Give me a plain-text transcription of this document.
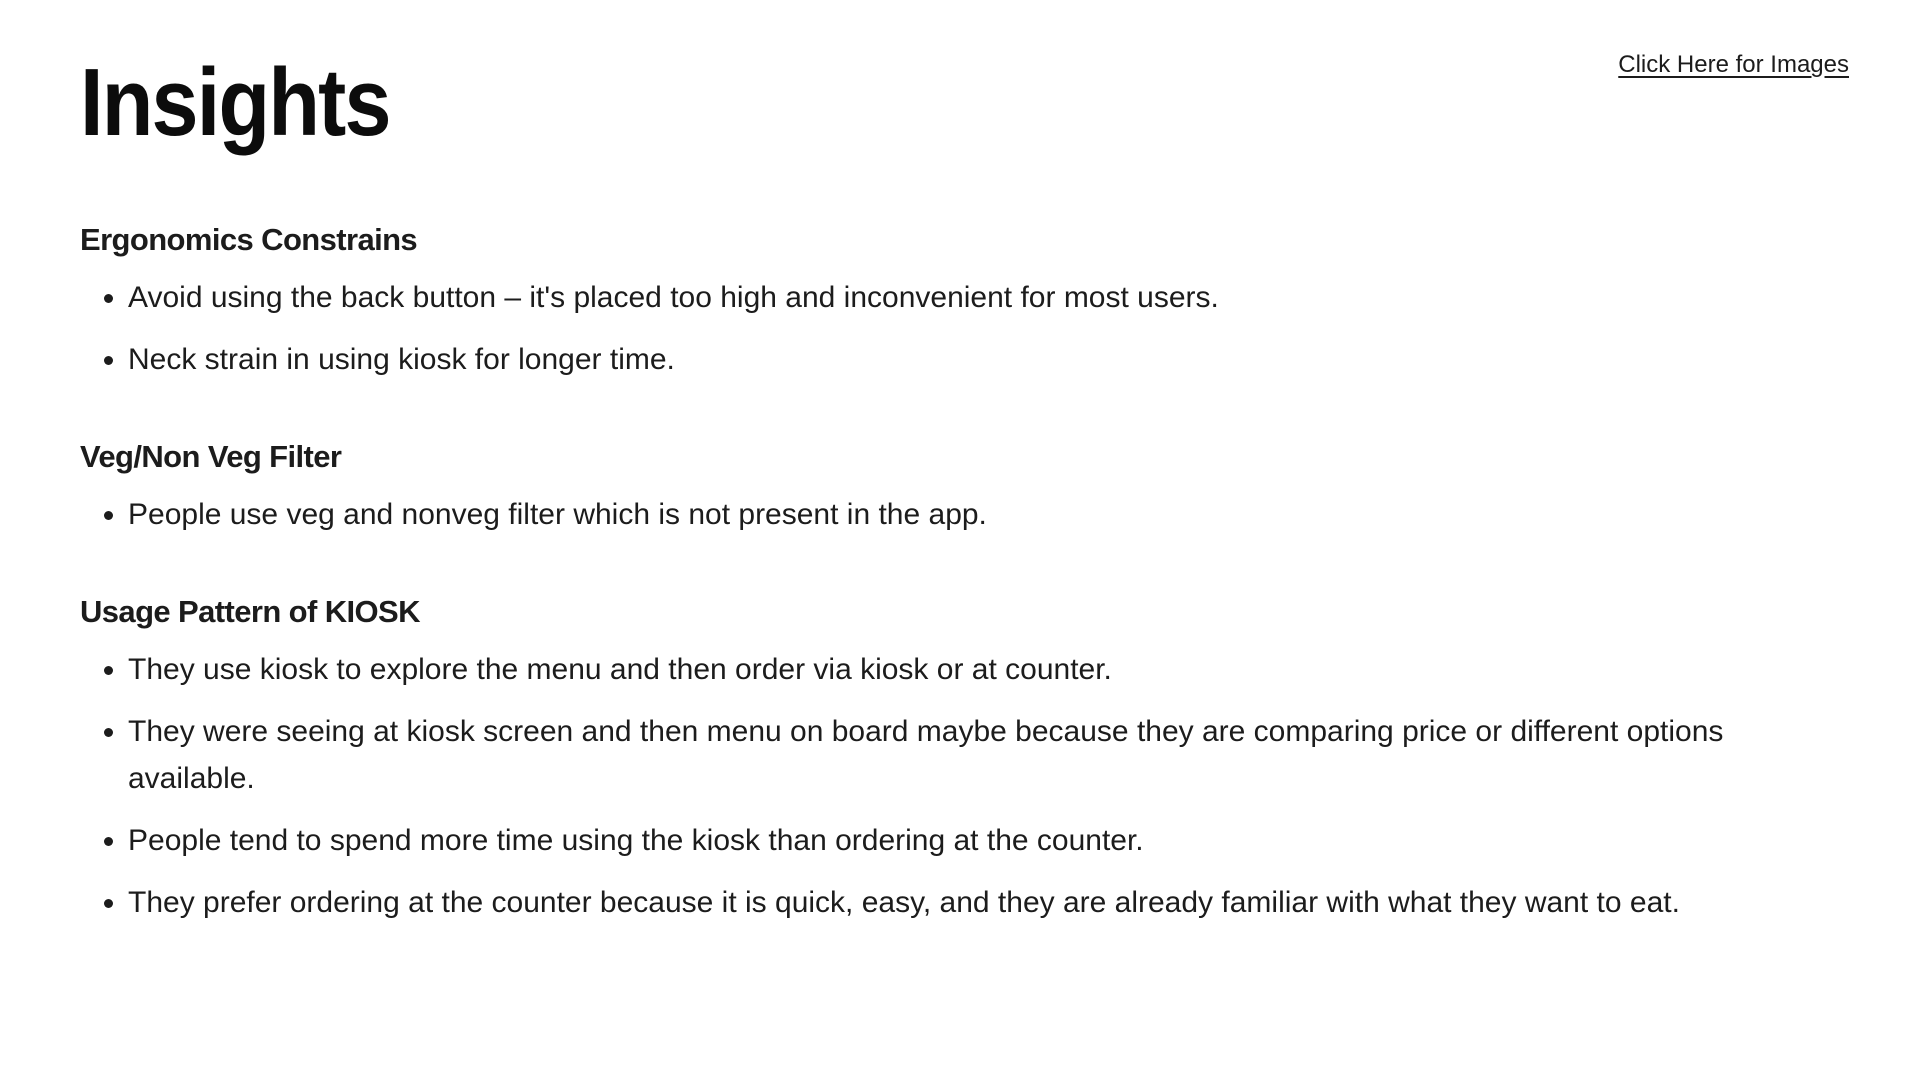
Insights	Click Here for Images
Ergonomics Constrains
• Avoid using the back button – it's placed too high and inconvenient for most users.
• Neck strain in using kiosk for longer time.
Veg/Non Veg Filter
• People use veg and nonveg filter which is not present in the app.
Usage Pattern of KIOSK
• They use kiosk to explore the menu and then order via kiosk or at counter.
• They were seeing at kiosk screen and then menu on board maybe because they are comparing price or different options available.
• People tend to spend more time using the kiosk than ordering at the counter.
• They prefer ordering at the counter because it is quick, easy, and they are already familiar with what they want to eat.
